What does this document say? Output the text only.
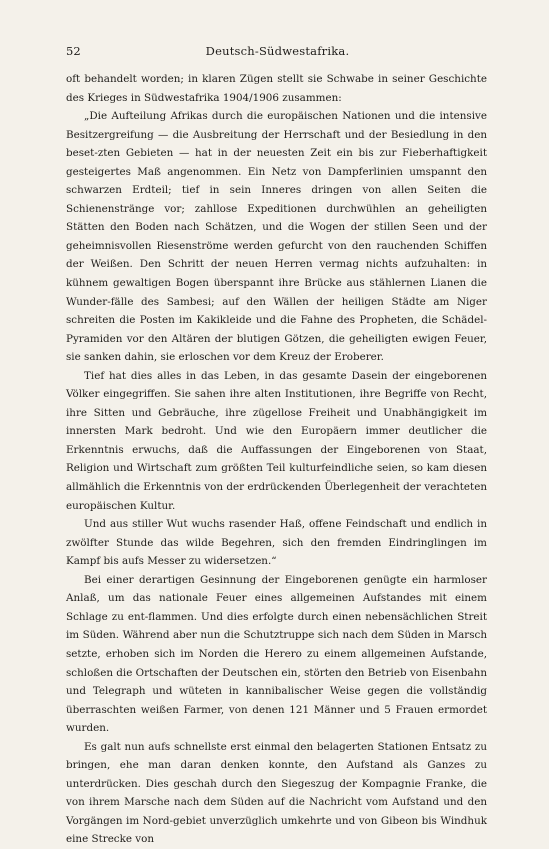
52	Deutsch-Südwestafrika.

oft behandelt worden; in klaren Zügen stellt sie Schwabe in seiner Geschichte des Krieges in Südwestafrika 1904/1906 zusammen:

„Die Aufteilung Afrikas durch die europäischen Nationen und die intensive Besitzergreifung — die Ausbreitung der Herrschaft und der Besiedlung in den beset-zten Gebieten — hat in der neuesten Zeit ein bis zur Fieberhaftigkeit gesteigertes Maß angenommen. Ein Netz von Dampferlinien umspannt den schwarzen Erdteil; tief in sein Inneres dringen von allen Seiten die Schienenstränge vor; zahllose Expeditionen durchwühlen an geheiligten Stätten den Boden nach Schätzen, und die Wogen der stillen Seen und der geheimnisvollen Riesenströme werden gefurcht von den rauchenden Schiffen der Weißen. Den Schritt der neuen Herren vermag nichts aufzuhalten: in kühnem gewaltigen Bogen überspannt ihre Brücke aus stählernen Lianen die Wunder-fälle des Sambesi; auf den Wällen der heiligen Städte am Niger schreiten die Posten im Kakikleide und die Fahne des Propheten, die Schädel-Pyramiden vor den Altären der blutigen Götzen, die geheiligten ewigen Feuer, sie sanken dahin, sie erloschen vor dem Kreuz der Eroberer.

Tief hat dies alles in das Leben, in das gesamte Dasein der eingeborenen Völker eingegriffen. Sie sahen ihre alten Institutionen, ihre Begriffe von Recht, ihre Sitten und Gebräuche, ihre zügellose Freiheit und Unabhängigkeit im innersten Mark bedroht. Und wie den Europäern immer deutlicher die Erkenntnis erwuchs, daß die Auffassungen der Eingeborenen von Staat, Religion und Wirtschaft zum größten Teil kulturfeindliche seien, so kam diesen allmählich die Erkenntnis von der erdrückenden Überlegenheit der verachteten europäischen Kultur.

Und aus stiller Wut wuchs rasender Haß, offene Feindschaft und endlich in zwölfter Stunde das wilde Begehren, sich den fremden Eindringlingen im Kampf bis aufs Messer zu widersetzen.“

Bei einer derartigen Gesinnung der Eingeborenen genügte ein harmloser Anlaß, um das nationale Feuer eines allgemeinen Aufstandes mit einem Schlage zu ent-flammen. Und dies erfolgte durch einen nebensächlichen Streit im Süden. Während aber nun die Schutztruppe sich nach dem Süden in Marsch setzte, erhoben sich im Norden die Herero zu einem allgemeinen Aufstande, schloßen die Ortschaften der Deutschen ein, störten den Betrieb von Eisenbahn und Telegraph und wüteten in kannibalischer Weise gegen die vollständig überraschten weißen Farmer, von denen 121 Männer und 5 Frauen ermordet wurden.

Es galt nun aufs schnellste erst einmal den belagerten Stationen Entsatz zu bringen, ehe man daran denken konnte, den Aufstand als Ganzes zu unterdrücken. Dies geschah durch den Siegeszug der Kompagnie Franke, die von ihrem Marsche nach dem Süden auf die Nachricht vom Aufstand und den Vorgängen im Nord-gebiet unverzüglich umkehrte und von Gibeon bis Windhuk eine Strecke von
